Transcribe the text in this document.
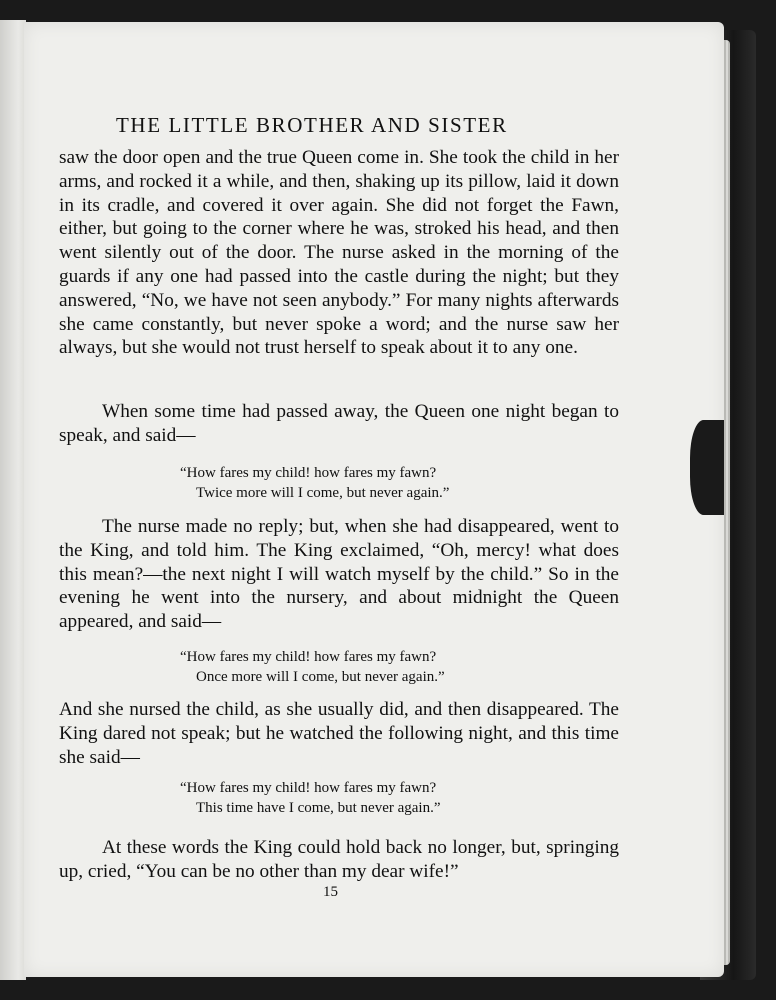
THE LITTLE BROTHER AND SISTER

saw the door open and the true Queen come in. She took the child in her arms, and rocked it a while, and then, shaking up its pillow, laid it down in its cradle, and covered it over again. She did not forget the Fawn, either, but going to the corner where he was, stroked his head, and then went silently out of the door. The nurse asked in the morning of the guards if any one had passed into the castle during the night; but they answered, “No, we have not seen anybody.” For many nights afterwards she came constantly, but never spoke a word; and the nurse saw her always, but she would not trust herself to speak about it to any one.

When some time had passed away, the Queen one night began to speak, and said—

“How fares my child! how fares my fawn?
Twice more will I come, but never again.”

The nurse made no reply; but, when she had disappeared, went to the King, and told him. The King exclaimed, “Oh, mercy! what does this mean?—the next night I will watch myself by the child.” So in the evening he went into the nursery, and about midnight the Queen appeared, and said—

“How fares my child! how fares my fawn?
Once more will I come, but never again.”

And she nursed the child, as she usually did, and then disappeared. The King dared not speak; but he watched the following night, and this time she said—

“How fares my child! how fares my fawn?
This time have I come, but never again.”

At these words the King could hold back no longer, but, springing up, cried, “You can be no other than my dear wife!”

15
